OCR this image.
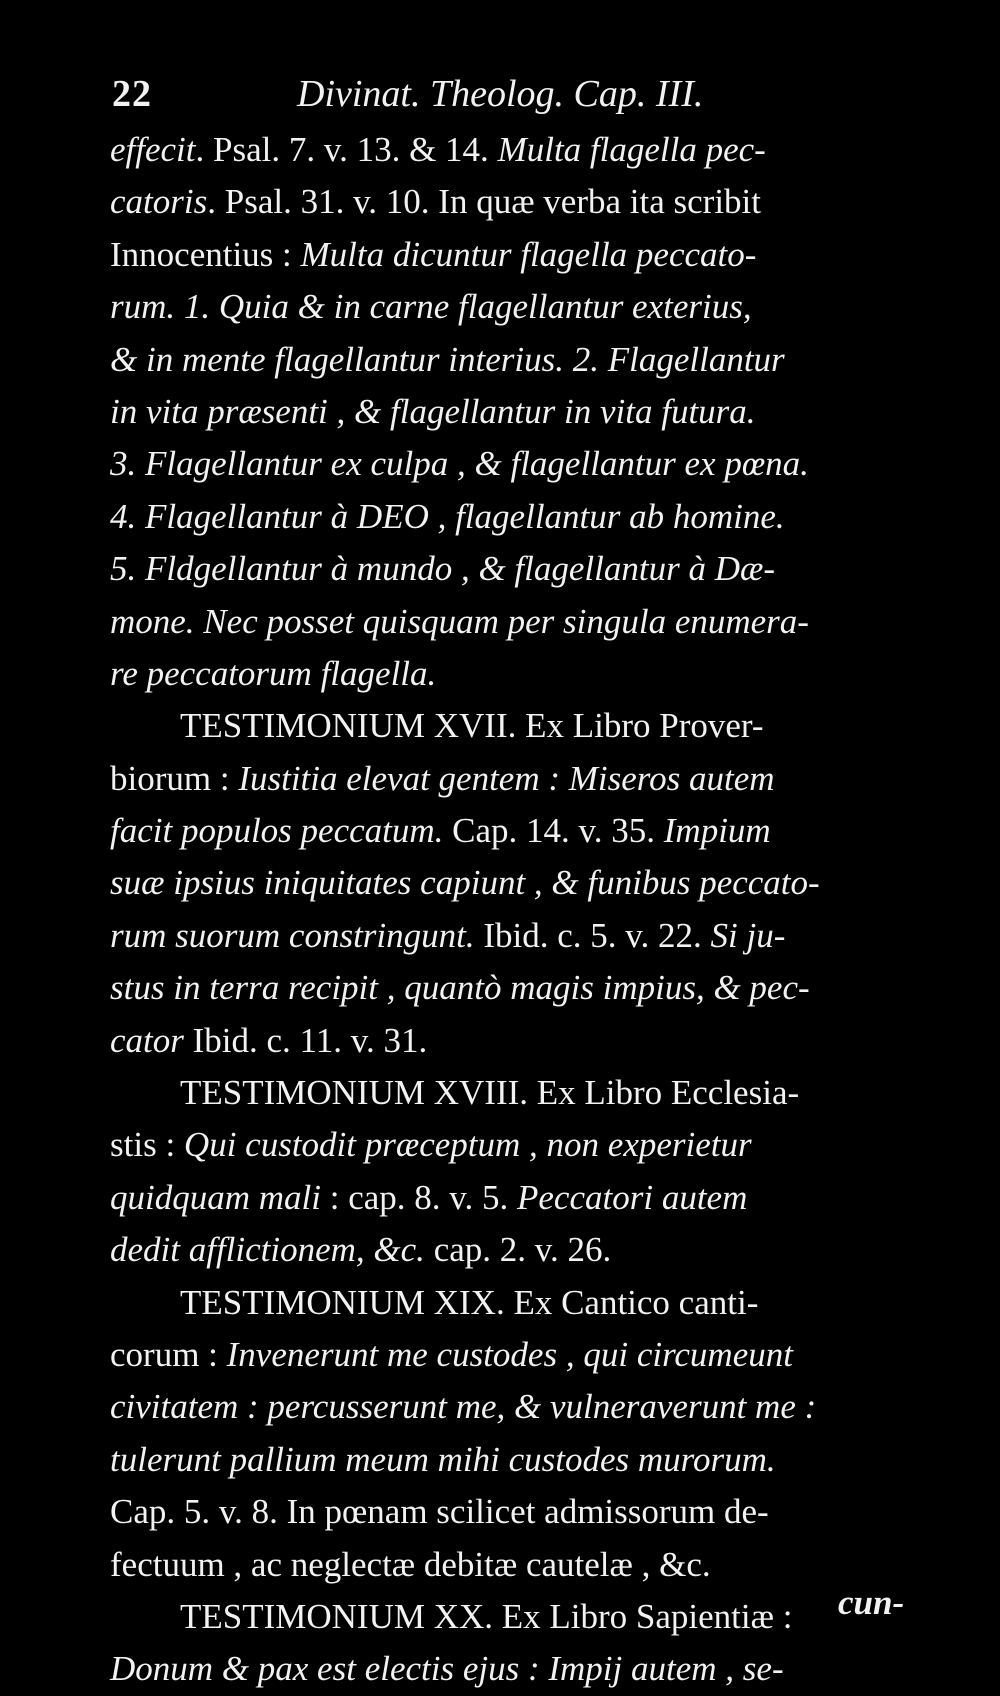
22	Divinat. Theolog. Cap. III.
effecit. Psal. 7. v. 13. & 14. Multa flagella pec-
catoris. Psal. 31. v. 10. In quæ verba ita scribit
Innocentius : Multa dicuntur flagella peccato-
rum. 1. Quia & in carne flagellantur exterius,
& in mente flagellantur interius. 2. Flagellantur
in vita præsenti , & flagellantur in vita futura.
3. Flagellantur ex culpa , & flagellantur ex pœna.
4. Flagellantur à DEO , flagellantur ab homine.
5. Fldgellantur à mundo , & flagellantur à Dæ-
mone. Nec posset quisquam per singula enumera-
re peccatorum flagella.
  TESTIMONIUM XVII. Ex Libro Prover-
biorum : Iustitia elevat gentem : Miseros autem
facit populos peccatum. Cap. 14. v. 35. Impium
suæ ipsius iniquitates capiunt , & funibus peccato-
rum suorum constringunt. Ibid. c. 5. v. 22. Si ju-
stus in terra recipit , quantò magis impius, & pec-
cator Ibid. c. 11. v. 31.
  TESTIMONIUM XVIII. Ex Libro Ecclesia-
stis : Qui custodit præceptum , non experietur
quidquam mali : cap. 8. v. 5. Peccatori autem
dedit afflictionem, &c. cap. 2. v. 26.
  TESTIMONIUM XIX. Ex Cantico canti-
corum : Invenerunt me custodes , qui circumeunt
civitatem : percusserunt me, & vulneraverunt me :
tulerunt pallium meum mihi custodes murorum.
Cap. 5. v. 8. In pœnam scilicet admissorum de-
fectuum , ac neglectæ debitæ cautelæ , &c.
  TESTIMONIUM XX. Ex Libro Sapientiæ :
Donum & pax est electis ejus : Impij autem , se-
cun-
